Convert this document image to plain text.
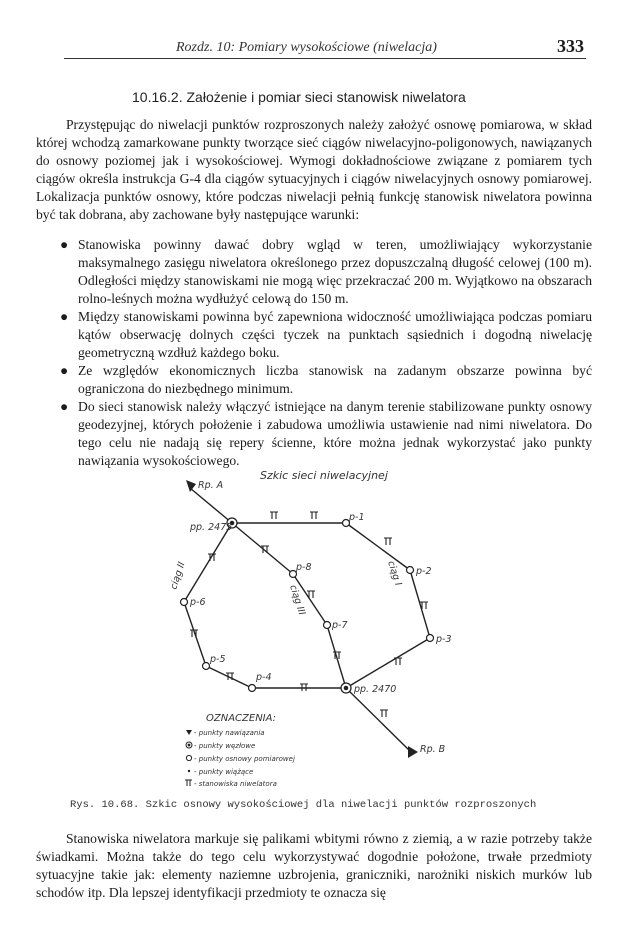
Rozdz. 10: Pomiary wysokościowe (niwelacja)	333
10.16.2. Założenie i pomiar sieci stanowisk niwelatora

Przystępując do niwelacji punktów rozproszonych należy założyć osnowę pomiarowa, w skład której wchodzą zamarkowane punkty tworzące sieć ciągów niwelacyjno-poligonowych, nawiązanych do osnowy poziomej jak i wysokościowej. Wymogi dokładnościowe związane z pomiarem tych ciągów określa instrukcja G-4 dla ciągów sytuacyjnych i ciągów niwelacyjnych osnowy pomiarowej. Lokalizacja punktów osnowy, które podczas niwelacji pełnią funkcję stanowisk niwelatora powinna być tak dobrana, aby zachowane były następujące warunki:

● Stanowiska powinny dawać dobry wgląd w teren, umożliwiający wykorzystanie maksymalnego zasięgu niwelatora określonego przez dopuszczalną długość celowej (100 m). Odległości między stanowiskami nie mogą więc przekraczać 200 m. Wyjątkowo na obszarach rolno-leśnych można wydłużyć celową do 150 m.
● Między stanowiskami powinna być zapewniona widoczność umożliwiająca podczas pomiaru kątów obserwację dolnych części tyczek na punktach sąsiednich i dogodną niwelację geometryczną wzdłuż każdego boku.
● Ze względów ekonomicznych liczba stanowisk na zadanym obszarze powinna być ograniczona do niezbędnego minimum.
● Do sieci stanowisk należy włączyć istniejące na danym terenie stabilizowane punkty osnowy geodezyjnej, których położenie i zabudowa umożliwia ustawienie nad nimi niwelatora. Do tego celu nie nadają się repery ścienne, które można jednak wykorzystać jako punkty nawiązania wysokościowego.
Szkic sieci niwelacyjnej
Rp. A
pp. 2475
p-1
p-2
p-3
p-8
p-7
p-6
p-5
p-4
pp. 2470
Rp. B
ciąg I
ciąg II
ciąg III
OZNACZENIA:
- punkty nawiązania
- punkty węzłowe
- punkty osnowy pomiarowej
- punkty wiążące
- stanowiska niwelatora
Rys. 10.68. Szkic osnowy wysokościowej dla niwelacji punktów rozproszonych

Stanowiska niwelatora markuje się palikami wbitymi równo z ziemią, a w razie potrzeby także świadkami. Można także do tego celu wykorzystywać dogodnie położone, trwałe przedmioty sytuacyjne takie jak: elementy naziemne uzbrojenia, graniczniki, narożniki niskich murków lub schodów itp. Dla lepszej identyfikacji przedmioty te oznacza się
